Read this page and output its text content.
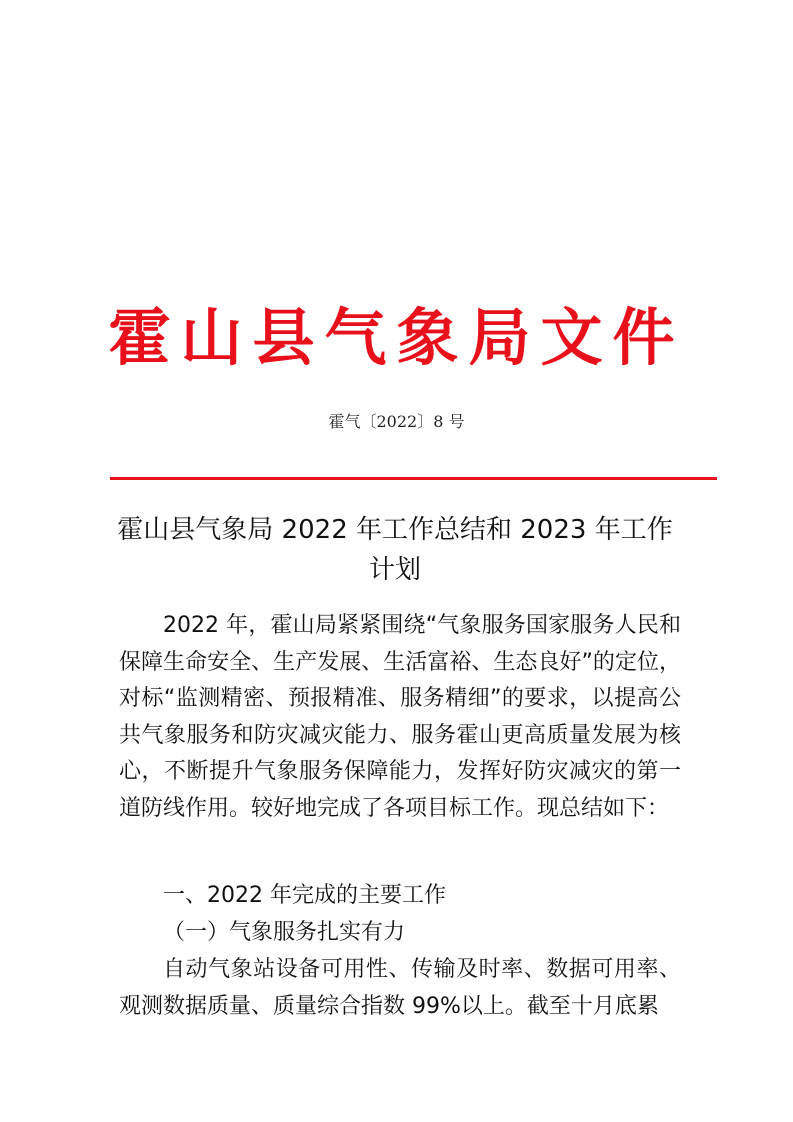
霍山县气象局文件
霍气〔2022〕8 号
霍山县气象局 2022 年工作总结和 2023 年工作计划
2022 年，霍山局紧紧围绕“气象服务国家服务人民和保障生命安全、生产发展、生活富裕、生态良好”的定位，对标“监测精密、预报精准、服务精细”的要求，以提高公共气象服务和防灾减灾能力、服务霍山更高质量发展为核心，不断提升气象服务保障能力，发挥好防灾减灾的第一道防线作用。较好地完成了各项目标工作。现总结如下：
一、2022 年完成的主要工作
（一）气象服务扎实有力
自动气象站设备可用性、传输及时率、数据可用率、观测数据质量、质量综合指数 99%以上。截至十月底累
